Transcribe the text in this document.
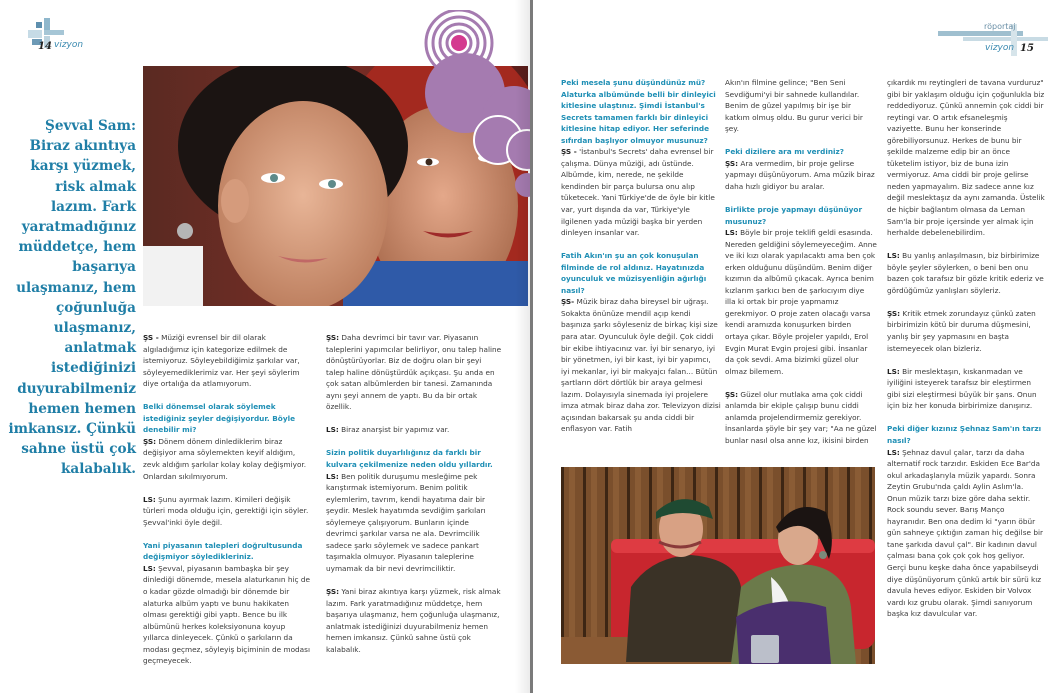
14 vizyon
Şevval Sam: Biraz akıntıya karşı yüzmek, risk almak lazım. Fark yaratmadığınız müddetçe, hem başarıya ulaşmanız, hem çoğunluğa ulaşmanız, anlatmak istediğinizi duyurabilmeniz hemen hemen imkansız. Çünkü sahne üstü çok kalabalık.

ŞS - Müziği evrensel bir dil olarak algıladığımız için kategorize edilmek de istemiyoruz. Söyleyebildiğimiz şarkılar var, söyleyemediklerimiz var. Her şeyi söylerim diye ortalığa da atlamıyorum.

Belki dönemsel olarak söylemek istediğiniz şeyler değişiyordur. Böyle denebilir mi?

ŞS: Dönem dönem dinlediklerim biraz değişiyor ama söylemekten keyif aldığım, zevk aldığım şarkılar kolay kolay değişmiyor. Onlardan sıkılmıyorum.

LS: Şunu ayırmak lazım. Kimileri değişik türleri moda olduğu için, gerektiği için söyler. Şevval'inki öyle değil.

Yani piyasanın talepleri doğrultusunda değişmiyor söyledikleriniz.

LS: Şevval, piyasanın bambaşka bir şey dinlediği dönemde, mesela alaturkanın hiç de o kadar gözde olmadığı bir dönemde bir alaturka albüm yaptı ve bunu hakikaten olması gerektiği gibi yaptı. Bence bu ilk albümünü herkes koleksiyonuna koyup yıllarca dinleyecek. Çünkü o şarkıların da modası geçmez, söyleyiş biçiminin de modası geçmeyecek.

ŞS: Daha devrimci bir tavır var. Piyasanın taleplerini yapımcılar belirliyor, onu talep haline dönüştürüyorlar. Biz de doğru olan bir şeyi talep haline dönüştürdük açıkçası. Şu anda en çok satan albümlerden bir tanesi. Zamanında aynı şeyi annem de yaptı. Bu da bir ortak özellik.

LS: Biraz anarşist bir yapımız var.

Sizin politik duyarlılığınız da farklı bir kulvara çekilmenize neden oldu yıllardır.

LS: Ben politik duruşumu mesleğime pek karıştırmak istemiyorum. Benim politik eylemlerim, tavrım, kendi hayatıma dair bir şeydir. Meslek hayatımda sevdiğim şarkıları söylemeye çalışıyorum. Bunların içinde devrimci şarkılar varsa ne ala. Devrimcilik sadece şarkı söylemek ve sadece pankart taşımakla olmuyor. Piyasanın taleplerine uymamak da bir nevi devrimciliktir.

ŞS: Yani biraz akıntıya karşı yüzmek, risk almak lazım. Fark yaratmadığınız müddetçe, hem başarıya ulaşmanız, hem çoğunluğa ulaşmanız, anlatmak istediğinizi duyurabilmeniz hemen hemen imkansız. Çünkü sahne üstü çok kalabalık.

röportaj
vizyon 15

Peki mesela şunu düşündünüz mü? Alaturka albümünde belli bir dinleyici kitlesine ulaştınız. Şimdi İstanbul's Secrets tamamen farklı bir dinleyici kitlesine hitap ediyor. Her seferinde sıfırdan başlıyor olmuyor musunuz?

ŞS - 'İstanbul's Secrets' daha evrensel bir çalışma. Dünya müziği, adı üstünde. Albümde, kim, nerede, ne şekilde kendinden bir parça bulursa onu alıp tüketecek. Yani Türkiye'de de öyle bir kitle var, yurt dışında da var, Türkiye'yle ilgilenen yada müziği başka bir yerden dinleyen insanlar var.

Fatih Akın'ın şu an çok konuşulan filminde de rol aldınız. Hayatınızda oyunculuk ve müzisyenliğin ağırlığı nasıl?

ŞS- Müzik biraz daha bireysel bir uğraşı. Sokakta önünüze mendil açıp kendi başınıza şarkı söyleseniz de birkaç kişi size para atar. Oyunculuk öyle değil. Çok ciddi bir ekibe ihtiyacınız var. İyi bir senaryo, iyi bir yönetmen, iyi bir kast, iyi bir yapımcı, iyi mekanlar, iyi bir makyajcı falan... Bütün şartların dört dörtlük bir araya gelmesi lazım. Dolayısıyla sinemada iyi projelere imza atmak biraz daha zor. Televizyon dizisi açısından bakarsak şu anda ciddi bir enflasyon var. Fatih

Akın'ın filmine gelince; "Ben Seni Sevdiğumi'yi bir sahnede kullandılar. Benim de güzel yapılmış bir işe bir katkım olmuş oldu. Bu gurur verici bir şey.

Peki dizilere ara mı verdiniz?

ŞS: Ara vermedim, bir proje gelirse yapmayı düşünüyorum. Ama müzik biraz daha hızlı gidiyor bu aralar.

Birlikte proje yapmayı düşünüyor musunuz?

LS: Böyle bir proje teklifi geldi esasında. Nereden geldiğini söylemeyeceğim. Anne ve iki kızı olarak yapılacaktı ama ben çok erken olduğunu düşündüm. Benim diğer kızımın da albümü çıkacak. Ayrıca benim kızlarım şarkıcı ben de şarkıcıyım diye illa ki ortak bir proje yapmamız gerekmiyor. O proje zaten olacağı varsa kendi aramızda konuşurken birden ortaya çıkar. Böyle projeler yapıldı, Erol Evgin Murat Evgin projesi gibi. İnsanlar da çok sevdi. Ama bizimki güzel olur olmaz bilemem.

ŞS: Güzel olur mutlaka ama çok ciddi anlamda bir ekiple çalışıp bunu ciddi anlamda projelendirmemiz gerekiyor. İnsanlarda şöyle bir şey var; "Aa ne güzel bunlar nasıl olsa anne kız, ikisini birden

çıkardık mı reytingleri de tavana vurduruz" gibi bir yaklaşım olduğu için çoğunlukla biz reddediyoruz. Çünkü annemin çok ciddi bir reytingi var. O artık efsaneleşmiş vaziyette. Bunu her konserinde görebiliyorsunuz. Herkes de bunu bir şekilde malzeme edip bir an önce tüketelim istiyor, biz de buna izin vermiyoruz. Ama ciddi bir proje gelirse neden yapmayalım. Biz sadece anne kız değil meslektaşız da aynı zamanda. Üstelik de hiçbir bağlantım olmasa da Leman Sam'la bir proje içersinde yer almak için herhalde debelenebilirdim.

LS: Bu yanlış anlaşılmasın, biz birbirimize böyle şeyler söylerken, o beni ben onu bazen çok tarafsız bir gözle kritik ederiz ve gördüğümüz yanlışları söyleriz.

ŞS: Kritik etmek zorundayız çünkü zaten birbirimizin kötü bir duruma düşmesini, yanlış bir şey yapmasını en başta istemeyecek olan bizleriz.

LS: Bir meslektaşın, kıskanmadan ve iyiliğini isteyerek tarafsız bir eleştirmen gibi sizi eleştirmesi büyük bir şans. Onun için biz her konuda birbirimize danışırız.

Peki diğer kızınız Şehnaz Sam'ın tarzı nasıl?

LS: Şehnaz davul çalar, tarzı da daha alternatif rock tarzıdır. Eskiden Ece Bar'da okul arkadaşlarıyla müzik yapardı. Sonra Zeytin Grubu'nda çaldı Aylin Aslım'la. Onun müzik tarzı bize göre daha sektir. Rock soundu sever. Barış Manço hayranıdır. Ben ona dedim ki "yarın öbür gün sahneye çıktığın zaman hiç değilse bir tane şarkıda davul çal". Bir kadının davul çalması bana çok çok çok hoş geliyor. Gerçi bunu keşke daha önce yapabilseydi diye düşünüyorum çünkü artık bir sürü kız davula heves ediyor. Eskiden bir Volvox vardı kız grubu olarak. Şimdi sanıyorum başka kız davulcular var.
